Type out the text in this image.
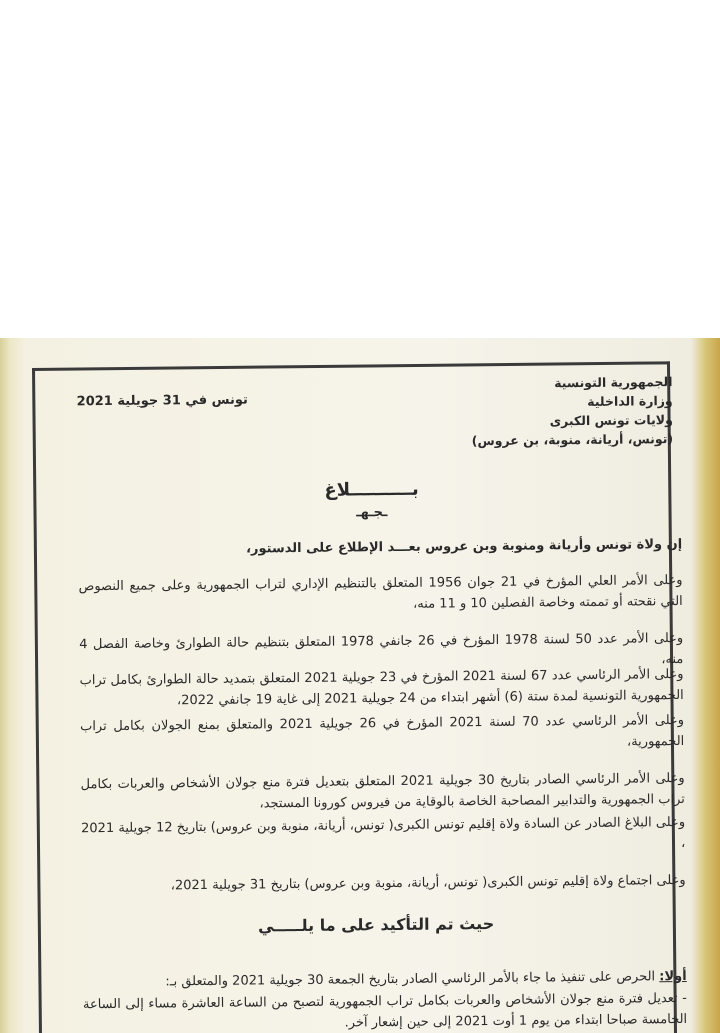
الجمهورية التونسية
وزارة الداخلية
ولايات تونس الكبرى
(تونس، أريانة، منوبة، بن عروس)
تونس في 31 جويلية 2021
بــــــــــلاغ
ـجـهـ
إن ولاة تونس وأريانة ومنوبة وبن عروس بعـــد الإطلاع على الدستور،
وعلى الأمر العلي المؤرخ في 21 جوان 1956 المتعلق بالتنظيم الإداري لتراب الجمهورية وعلى جميع النصوص التي نقحته أو تممته وخاصة الفصلين 10 و 11 منه،
وعلى الأمر عدد 50 لسنة 1978 المؤرخ في 26 جانفي 1978 المتعلق بتنظيم حالة الطوارئ وخاصة الفصل 4 منه،
وعلى الأمر الرئاسي عدد 67 لسنة 2021 المؤرخ في 23 جويلية 2021 المتعلق بتمديد حالة الطوارئ بكامل تراب الجمهورية التونسية لمدة ستة (6) أشهر ابتداء من 24 جويلية 2021 إلى غاية 19 جانفي 2022،
وعلى الأمر الرئاسي عدد 70 لسنة 2021 المؤرخ في 26 جويلية 2021 والمتعلق بمنع الجولان بكامل تراب الجمهورية،
وعلى الأمر الرئاسي الصادر بتاريخ 30 جويلية 2021 المتعلق بتعديل فترة منع جولان الأشخاص والعربات بكامل تراب الجمهورية والتدابير المصاحبة الخاصة بالوقاية من فيروس كورونا المستجد،
وعلى البلاغ الصادر عن السادة ولاة إقليم تونس الكبرى( تونس، أريانة، منوبة وبن عروس) بتاريخ 12 جويلية 2021 ،
وعلى اجتماع ولاة إقليم تونس الكبرى( تونس، أريانة، منوبة وبن عروس) بتاريخ 31 جويلية 2021،
حيث تم التأكيد على ما يلـــــي
أولا: الحرص على تنفيذ ما جاء بالأمر الرئاسي الصادر بتاريخ الجمعة 30 جويلية 2021 والمتعلق بـ:
- تعديل فترة منع جولان الأشخاص والعربات بكامل تراب الجمهورية لتصبح من الساعة العاشرة مساء إلى الساعة الخامسة صباحا ابتداء من يوم 1 أوت 2021 إلى حين إشعار آخر.
